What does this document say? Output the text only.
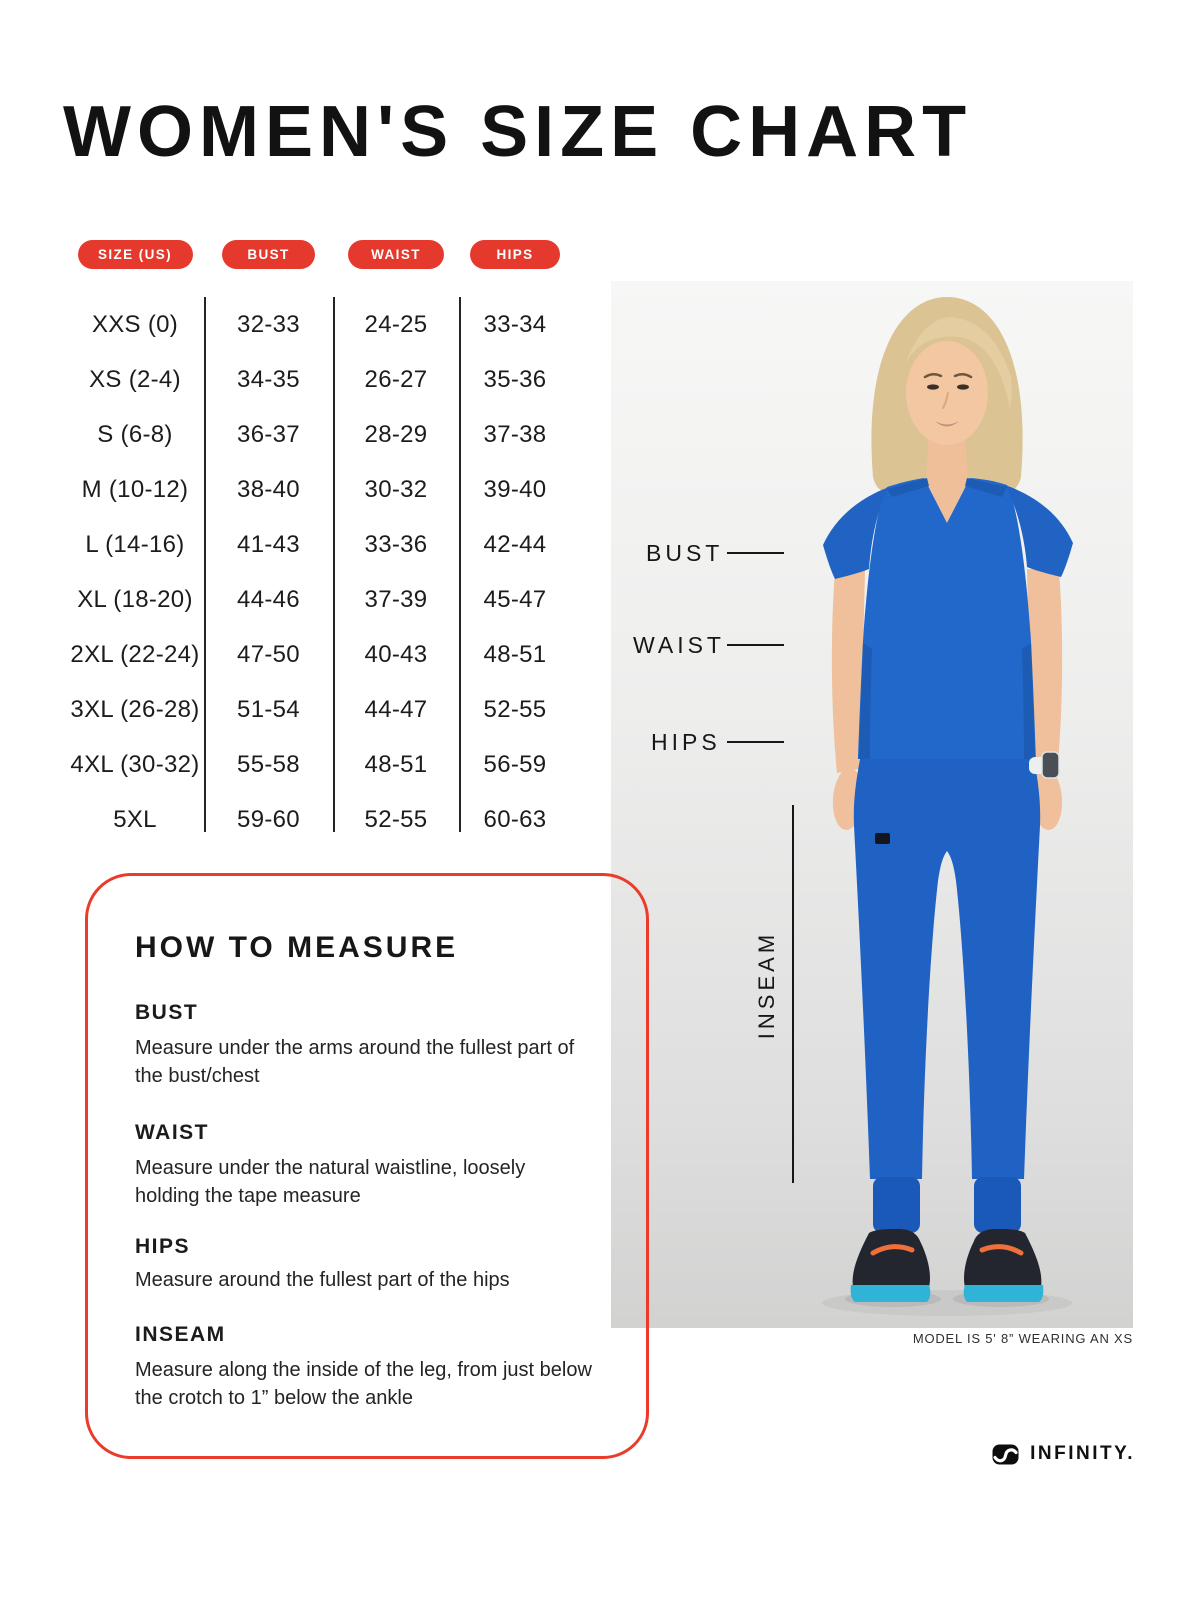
WOMEN'S SIZE CHART
SIZE (US)	BUST	WAIST	HIPS
XXS (0)	32-33	24-25	33-34
XS (2-4)	34-35	26-27	35-36
S (6-8)	36-37	28-29	37-38
M (10-12)	38-40	30-32	39-40
L (14-16)	41-43	33-36	42-44
XL (18-20)	44-46	37-39	45-47
2XL (22-24)	47-50	40-43	48-51
3XL (26-28)	51-54	44-47	52-55
4XL (30-32)	55-58	48-51	56-59
5XL	59-60	52-55	60-63
BUST
WAIST
HIPS
INSEAM
MODEL IS 5' 8” WEARING AN XS
HOW TO MEASURE
BUST
Measure under the arms around the fullest part of the bust/chest
WAIST
Measure under the natural waistline, loosely holding the tape measure
HIPS
Measure around the fullest part of the hips
INSEAM
Measure along the inside of the leg, from just below the crotch to 1” below the ankle
INFINITY.
